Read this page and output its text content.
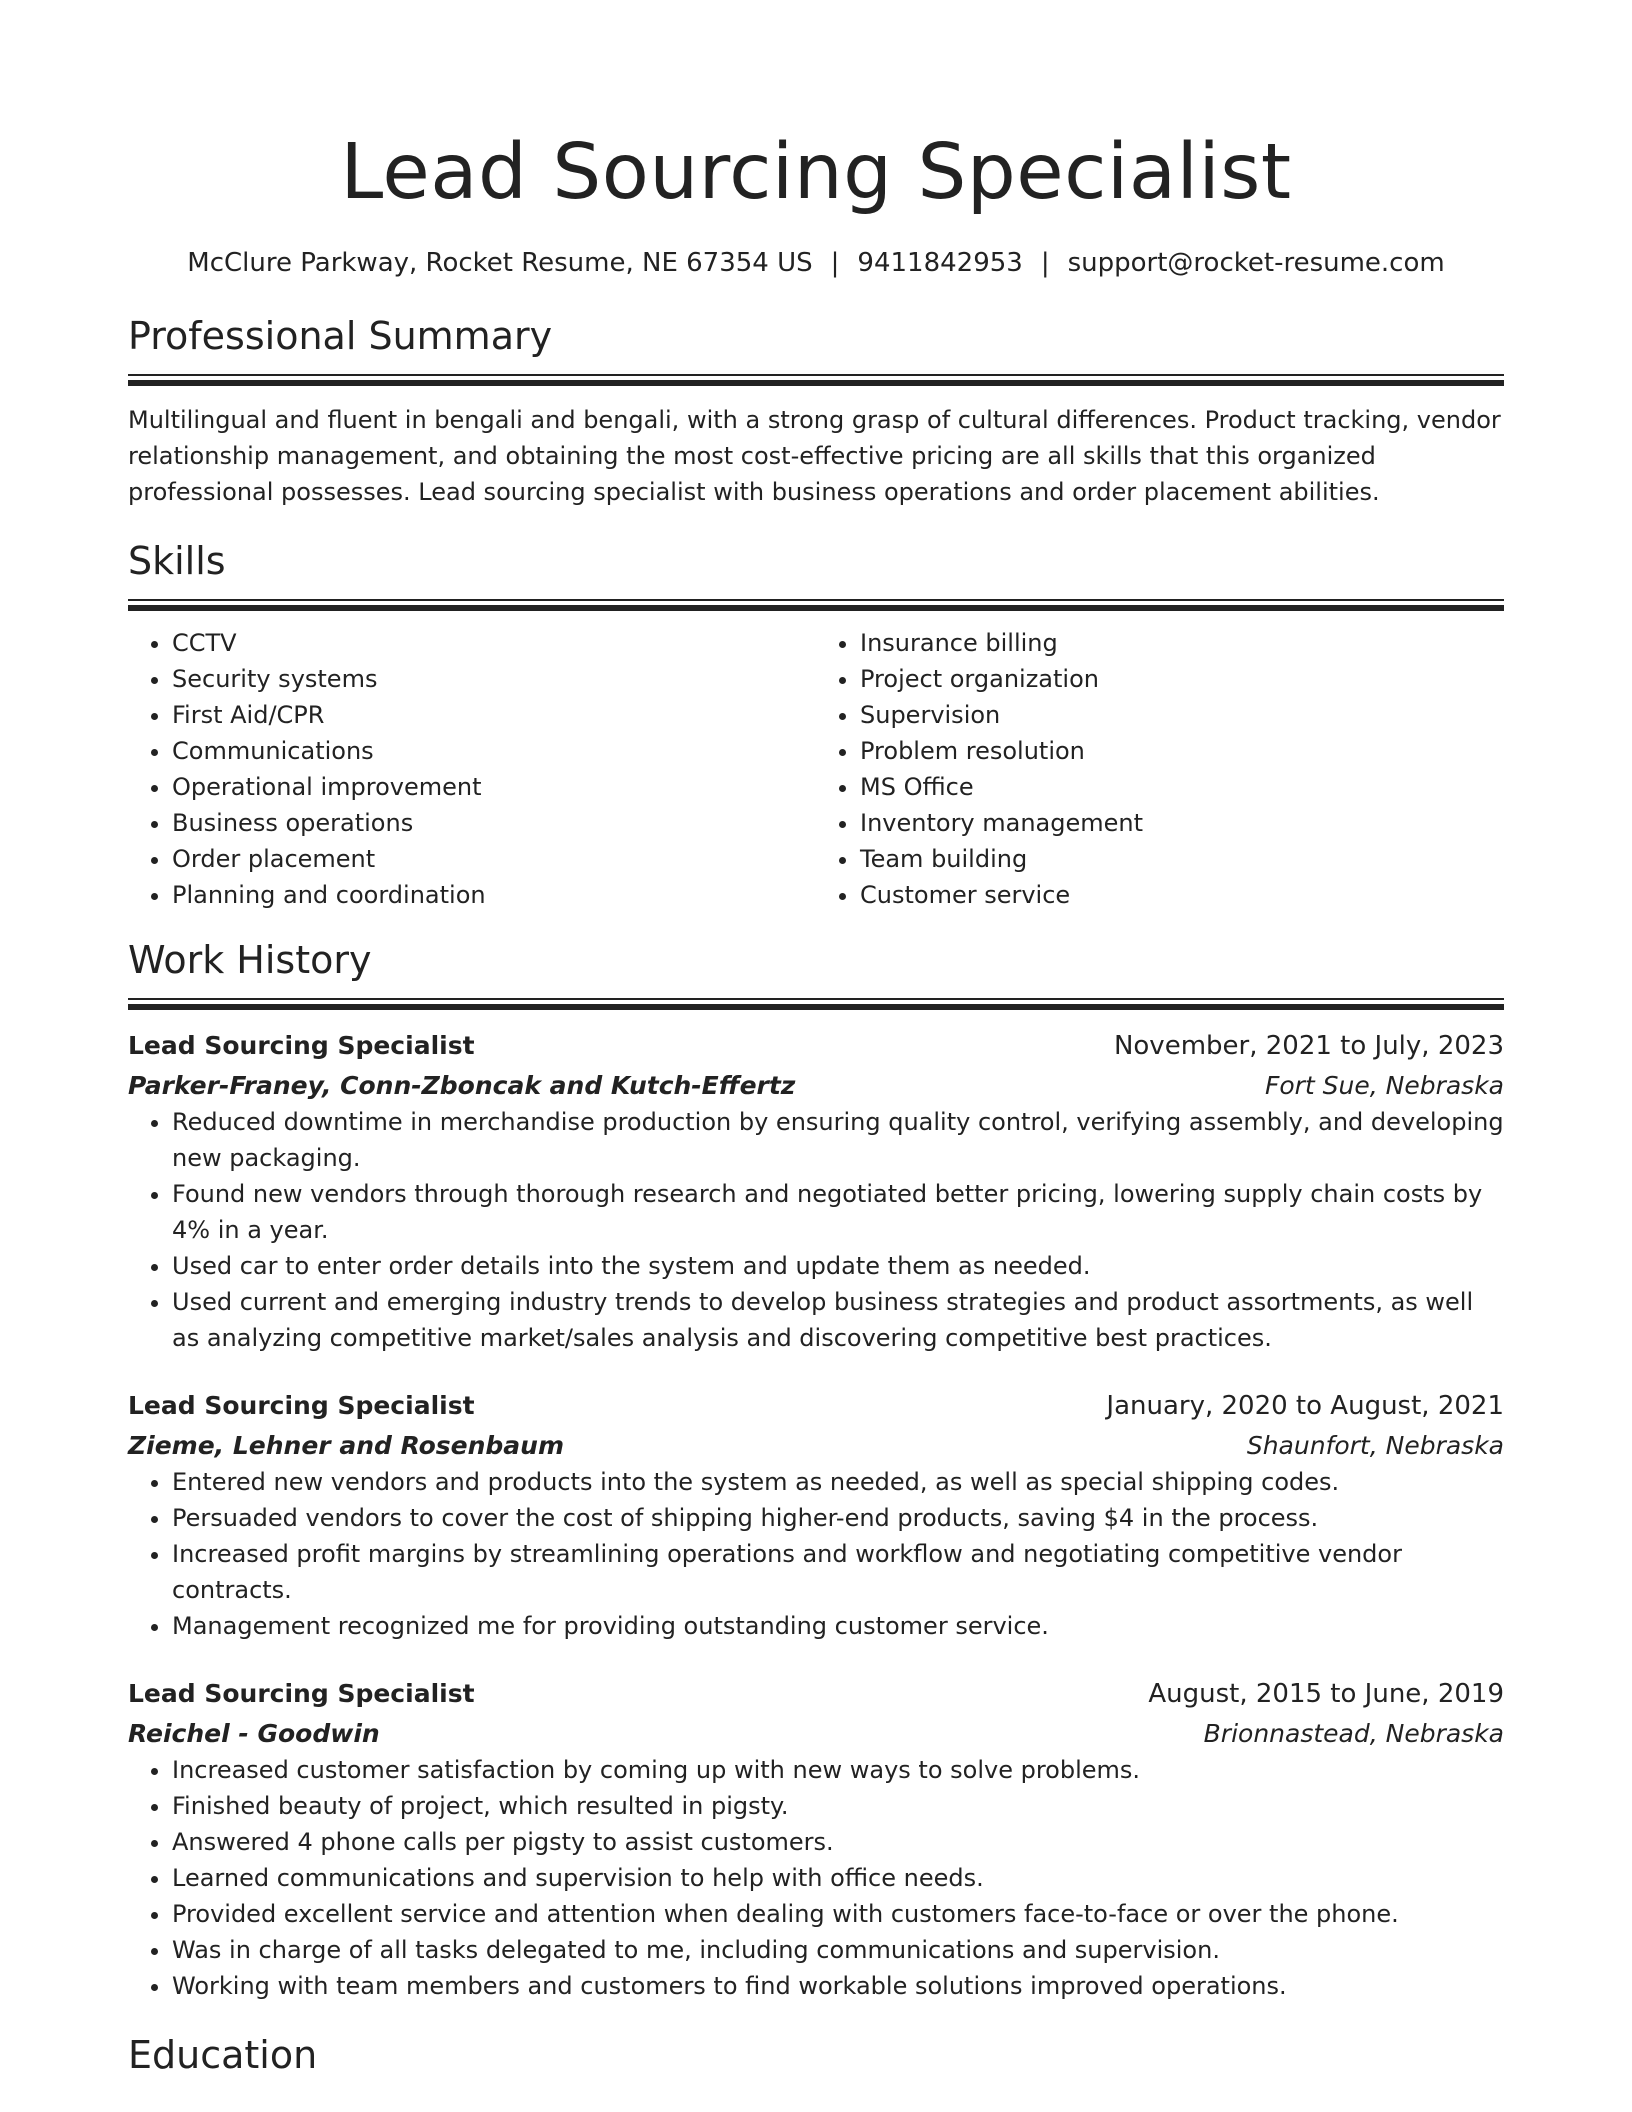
Lead Sourcing Specialist
McClure Parkway, Rocket Resume, NE 67354 US | 9411842953 | support@rocket-resume.com
Professional Summary
Multilingual and fluent in bengali and bengali, with a strong grasp of cultural differences. Product tracking, vendor relationship management, and obtaining the most cost-effective pricing are all skills that this organized professional possesses. Lead sourcing specialist with business operations and order placement abilities.
Skills
• CCTV
• Security systems
• First Aid/CPR
• Communications
• Operational improvement
• Business operations
• Order placement
• Planning and coordination
• Insurance billing
• Project organization
• Supervision
• Problem resolution
• MS Office
• Inventory management
• Team building
• Customer service
Work History
Lead Sourcing Specialist	November, 2021 to July, 2023
Parker-Franey, Conn-Zboncak and Kutch-Effertz	Fort Sue, Nebraska
• Reduced downtime in merchandise production by ensuring quality control, verifying assembly, and developing new packaging.
• Found new vendors through thorough research and negotiated better pricing, lowering supply chain costs by 4% in a year.
• Used car to enter order details into the system and update them as needed.
• Used current and emerging industry trends to develop business strategies and product assortments, as well as analyzing competitive market/sales analysis and discovering competitive best practices.
Lead Sourcing Specialist	January, 2020 to August, 2021
Zieme, Lehner and Rosenbaum	Shaunfort, Nebraska
• Entered new vendors and products into the system as needed, as well as special shipping codes.
• Persuaded vendors to cover the cost of shipping higher-end products, saving $4 in the process.
• Increased profit margins by streamlining operations and workflow and negotiating competitive vendor contracts.
• Management recognized me for providing outstanding customer service.
Lead Sourcing Specialist	August, 2015 to June, 2019
Reichel - Goodwin	Brionnastead, Nebraska
• Increased customer satisfaction by coming up with new ways to solve problems.
• Finished beauty of project, which resulted in pigsty.
• Answered 4 phone calls per pigsty to assist customers.
• Learned communications and supervision to help with office needs.
• Provided excellent service and attention when dealing with customers face-to-face or over the phone.
• Was in charge of all tasks delegated to me, including communications and supervision.
• Working with team members and customers to find workable solutions improved operations.
Education
